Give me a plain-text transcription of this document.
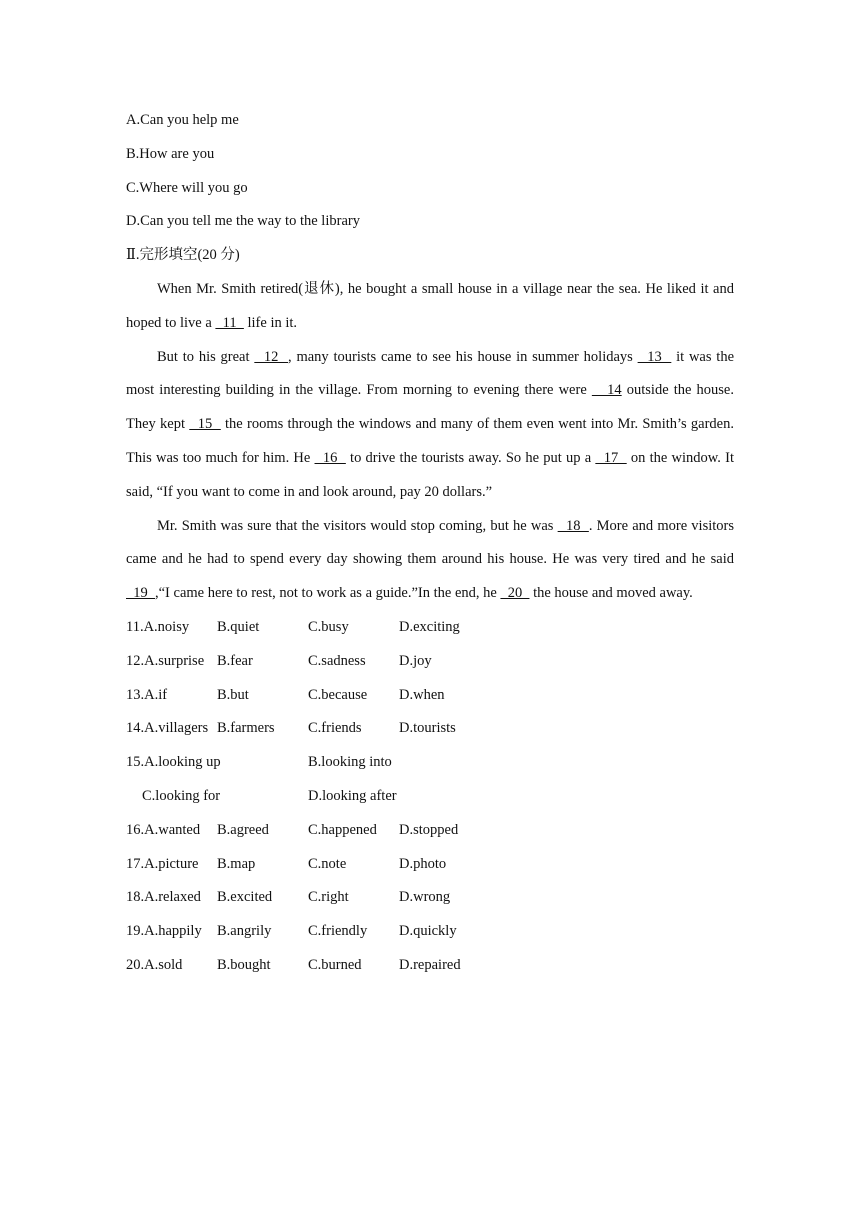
A.Can you help me
B.How are you
C.Where will you go
D.Can you tell me the way to the library
Ⅱ.完形填空(20 分)

When Mr. Smith retired(退休), he bought a small house in a village near the sea. He liked it and hoped to live a   11   life in it.

But to his great   12  , many tourists came to see his house in summer holidays   13   it was the most interesting building in the village. From morning to evening there were    14 outside the house. They kept   15   the rooms through the windows and many of them even went into Mr. Smith’s garden. This was too much for him. He   16   to drive the tourists away. So he put up a   17   on the window. It said, “If you want to come in and look around, pay 20 dollars.”

Mr. Smith was sure that the visitors would stop coming, but he was   18  . More and more visitors came and he had to spend every day showing them around his house. He was very tired and he said  19  ,“I came here to rest, not to work as a guide.”In the end, he   20   the house and moved away.

11.A.noisy B.quiet	C.busy	D.exciting
12.A.surprise B.fear	C.sadness D.joy
13.A.if	B.but	C.because D.when
14.A.villagers B.farmers C.friends	D.tourists
15.A.looking up	B.looking into
C.looking for	D.looking after
16.A.wanted B.agreed	C.happened D.stopped
17.A.picture B.map	C.note	D.photo
18.A.relaxed B.excited C.right	D.wrong
19.A.happily B.angrily	C.friendly D.quickly
20.A.sold B.bought	C.burned	D.repaired
